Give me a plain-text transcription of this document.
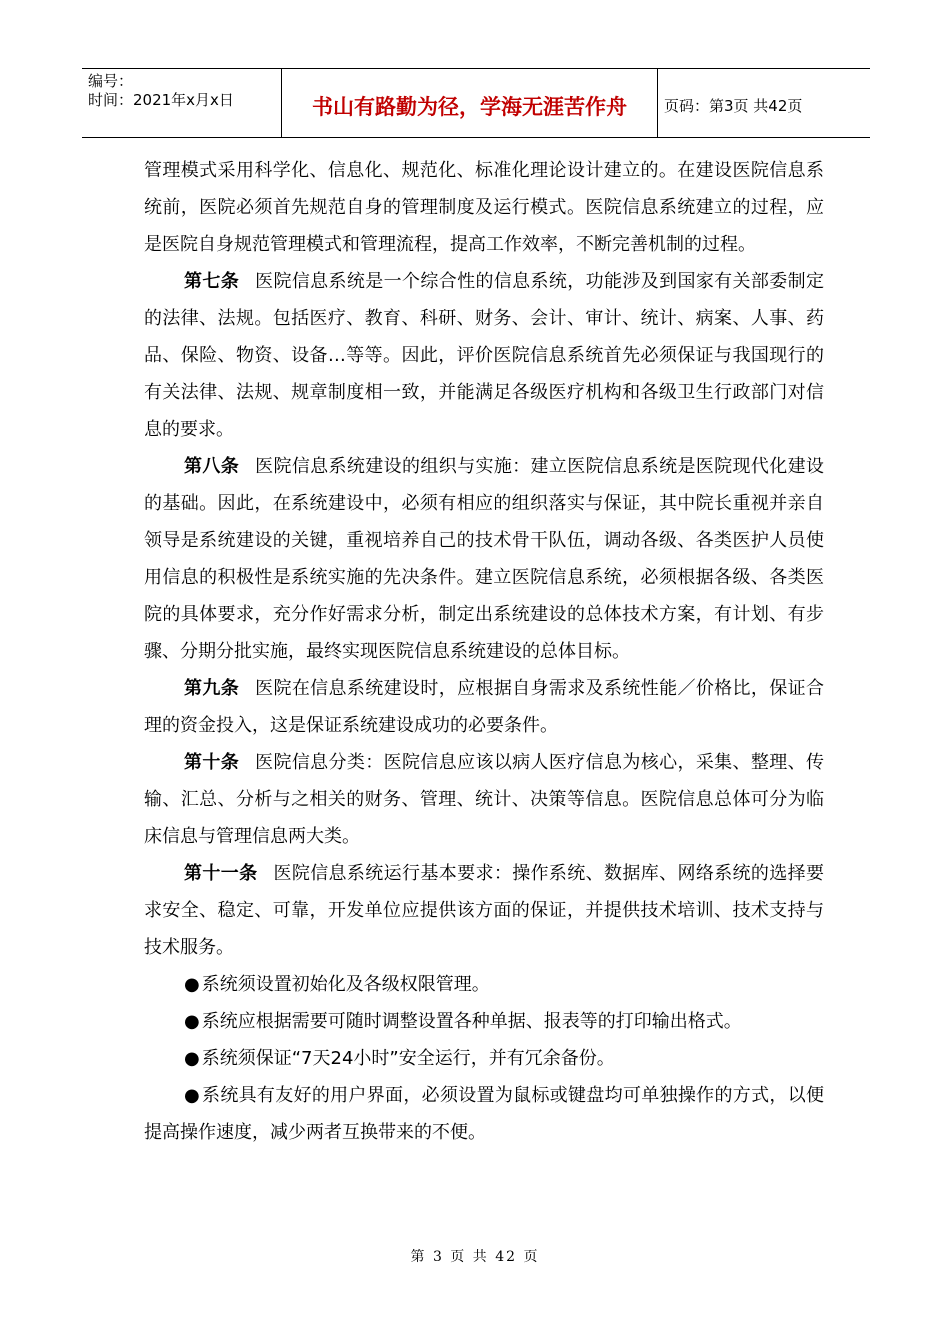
编号：
时间：2021年x月x日	书山有路勤为径，学海无涯苦作舟	页码：第3页 共42页

管理模式采用科学化、信息化、规范化、标准化理论设计建立的。在建设医院信息系统前，医院必须首先规范自身的管理制度及运行模式。医院信息系统建立的过程，应是医院自身规范管理模式和管理流程，提高工作效率，不断完善机制的过程。

第七条 医院信息系统是一个综合性的信息系统，功能涉及到国家有关部委制定的法律、法规。包括医疗、教育、科研、财务、会计、审计、统计、病案、人事、药品、保险、物资、设备…等等。因此，评价医院信息系统首先必须保证与我国现行的有关法律、法规、规章制度相一致，并能满足各级医疗机构和各级卫生行政部门对信息的要求。

第八条 医院信息系统建设的组织与实施：建立医院信息系统是医院现代化建设的基础。因此，在系统建设中，必须有相应的组织落实与保证，其中院长重视并亲自领导是系统建设的关键，重视培养自己的技术骨干队伍，调动各级、各类医护人员使用信息的积极性是系统实施的先决条件。建立医院信息系统，必须根据各级、各类医院的具体要求，充分作好需求分析，制定出系统建设的总体技术方案，有计划、有步骤、分期分批实施，最终实现医院信息系统建设的总体目标。

第九条 医院在信息系统建设时，应根据自身需求及系统性能／价格比，保证合理的资金投入，这是保证系统建设成功的必要条件。

第十条 医院信息分类：医院信息应该以病人医疗信息为核心，采集、整理、传输、汇总、分析与之相关的财务、管理、统计、决策等信息。医院信息总体可分为临床信息与管理信息两大类。

第十一条 医院信息系统运行基本要求：操作系统、数据库、网络系统的选择要求安全、稳定、可靠，开发单位应提供该方面的保证，并提供技术培训、技术支持与技术服务。

● 系统须设置初始化及各级权限管理。

● 系统应根据需要可随时调整设置各种单据、报表等的打印输出格式。

● 系统须保证“7天24小时”安全运行，并有冗余备份。

● 系统具有友好的用户界面，必须设置为鼠标或键盘均可单独操作的方式，以便提高操作速度，减少两者互换带来的不便。

第 3 页 共 42 页
